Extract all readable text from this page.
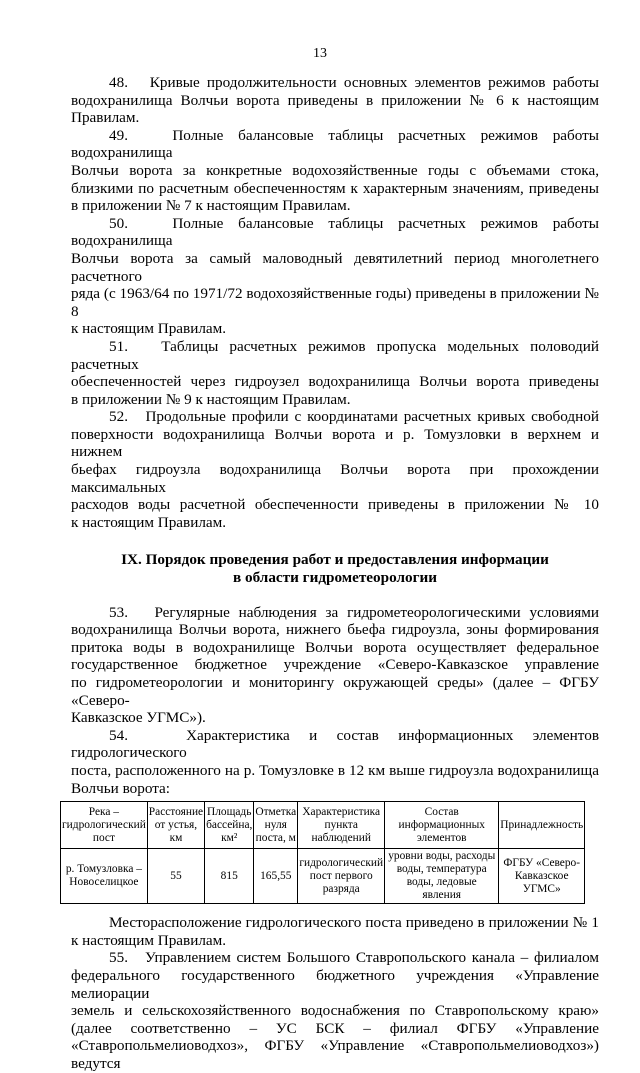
13
48. Кривые продолжительности основных элементов режимов работы
водохранилища Волчьи ворота приведены в приложении № 6 к настоящим Правилам.
49.	Полные балансовые таблицы расчетных режимов работы водохранилища
Волчьи ворота за конкретные водохозяйственные годы с объемами стока,
близкими по расчетным обеспеченностям к характерным значениям, приведены
в приложении № 7 к настоящим Правилам.
50.	Полные балансовые таблицы расчетных режимов работы водохранилища
Волчьи ворота за самый маловодный девятилетний период многолетнего расчетного
ряда (с 1963/64 по 1971/72 водохозяйственные годы) приведены в приложении № 8
к настоящим Правилам.
51. Таблицы расчетных режимов пропуска модельных половодий расчетных
обеспеченностей через гидроузел водохранилища Волчьи ворота приведены
в приложении № 9 к настоящим Правилам.
52. Продольные профили с координатами расчетных кривых свободной
поверхности водохранилища Волчьи ворота и р. Томузловки в верхнем и нижнем
бьефах гидроузла водохранилища Волчьи ворота при прохождении максимальных
расходов воды расчетной обеспеченности приведены в приложении № 10
к настоящим Правилам.
IX. Порядок проведения работ и предоставления информации
в области гидрометеорологии
53. Регулярные наблюдения за гидрометеорологическими условиями
водохранилища Волчьи ворота, нижнего бьефа гидроузла, зоны формирования
притока воды в водохранилище Волчьи ворота осуществляет федеральное
государственное бюджетное учреждение «Северо-Кавказское управление
по гидрометеорологии и мониторингу окружающей среды» (далее – ФГБУ «Северо-
Кавказское УГМС»).
54.	Характеристика и состав информационных элементов гидрологического
поста, расположенного на р. Томузловке в 12 км выше гидроузла водохранилища
Волчьи ворота:
Река – гидрологический пост	Расстояние от устья, км	Площадь бассейна, км²	Отметка нуля поста, м	Характеристика пункта наблюдений	Состав информационных элементов	Принадлежность
р. Томузловка – Новоселицкое	55	815	165,55	гидрологический пост первого разряда	уровни воды, расходы воды, температура воды, ледовые явления	ФГБУ «Северо-Кавказское УГМС»
Месторасположение гидрологического поста приведено в приложении № 1
к настоящим Правилам.
55. Управлением систем Большого Ставропольского канала – филиалом
федерального государственного бюджетного учреждения «Управление мелиорации
земель и сельскохозяйственного водоснабжения по Ставропольскому краю»
(далее соответственно – УС БСК – филиал ФГБУ «Управление
«Ставропольмелиоводхоз», ФГБУ «Управление «Ставропольмелиоводхоз») ведутся
